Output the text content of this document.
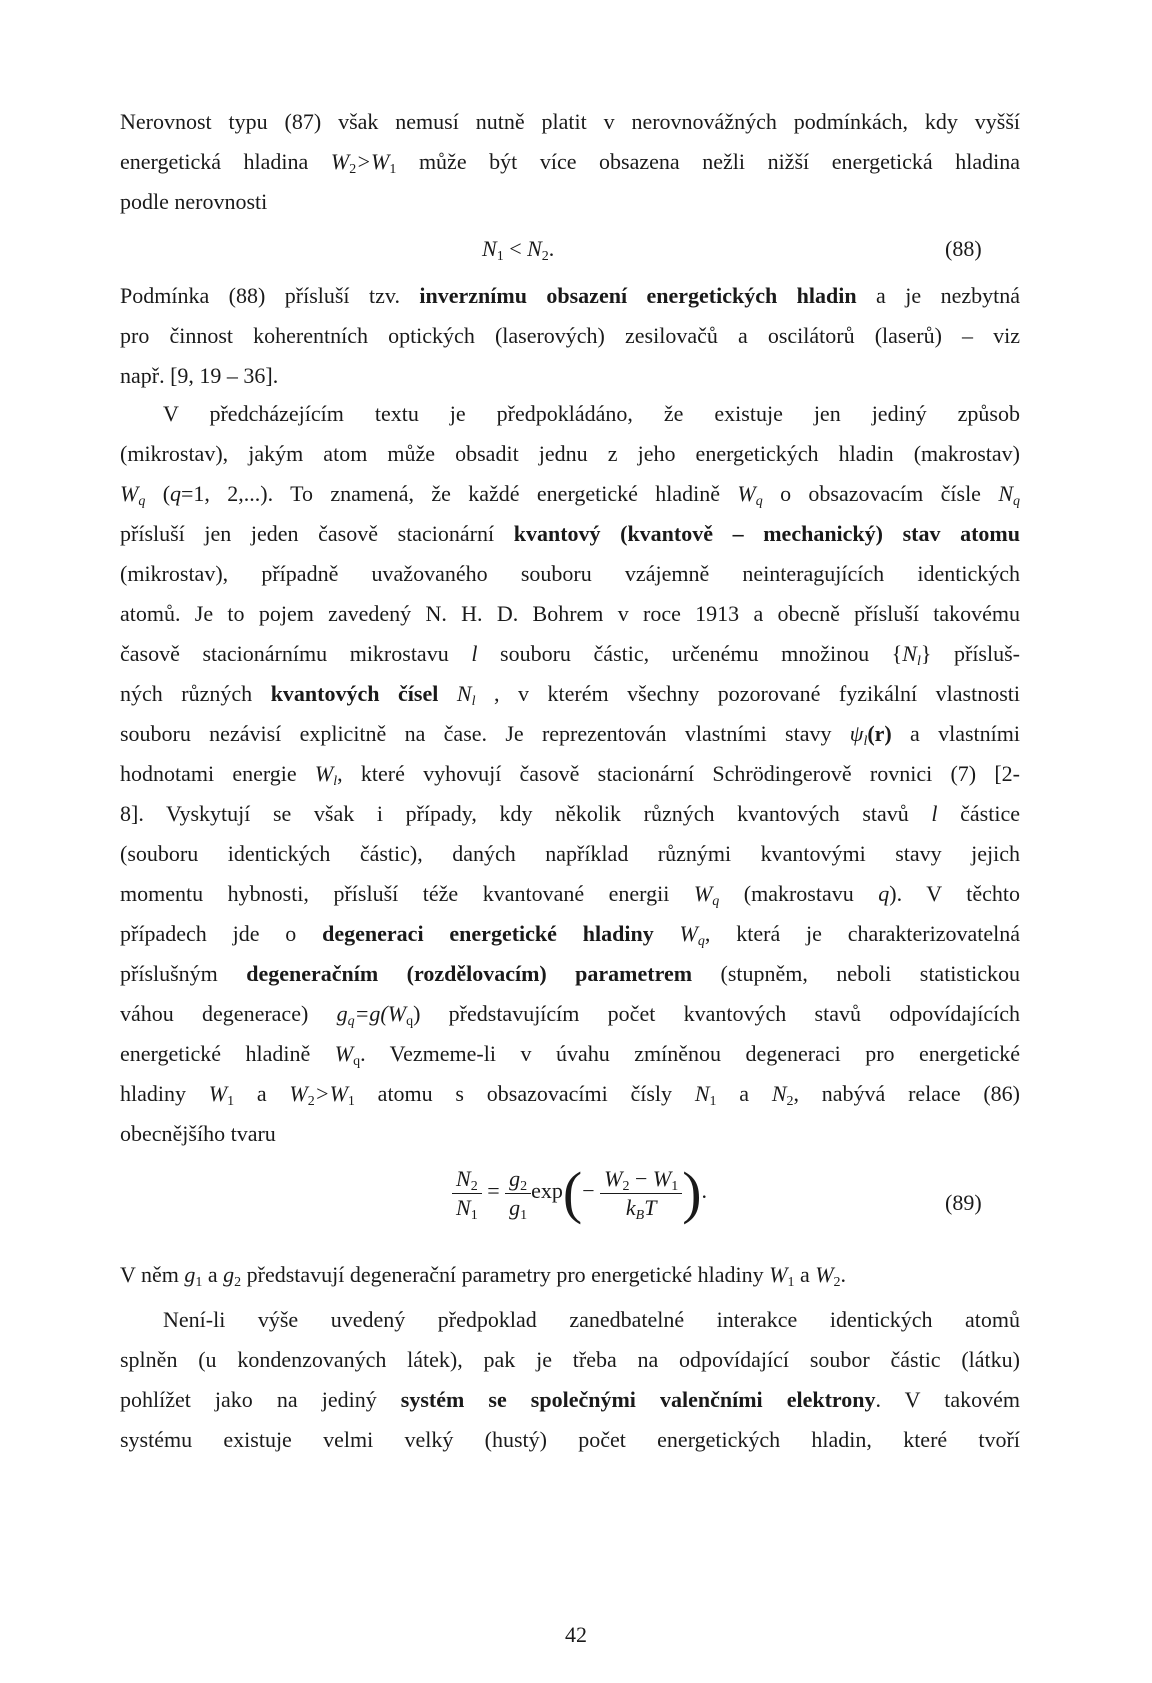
Nerovnost typu (87) však nemusí nutně platit v nerovnovážných podmínkách, kdy vyšší
energetická hladina $W_2>W_1$ může být více obsazena nežli nižší energetická hladina
podle nerovnosti
$N_1 < N_2$.	(88)
Podmínka (88) přísluší tzv. inverznímu obsazení energetických hladin a je nezbytná
pro činnost koherentních optických (laserových) zesilovačů a oscilátorů (laserů) – viz
např. [9, 19 – 36].
V předcházejícím textu je předpokládáno, že existuje jen jediný způsob
(mikrostav), jakým atom může obsadit jednu z jeho energetických hladin (makrostav)
$W_q$ (q=1, 2,...). To znamená, že každé energetické hladině $W_q$ o obsazovacím čísle $N_q$
přísluší jen jeden časově stacionární kvantový (kvantově – mechanický) stav atomu
(mikrostav), případně uvažovaného souboru vzájemně neinteragujících identických
atomů. Je to pojem zavedený N. H. D. Bohrem v roce 1913 a obecně přísluší takovému
časově stacionárnímu mikrostavu l souboru částic, určenému množinou $\{N_l\}$ přísluš-
ných různých kvantových čísel $N_l$ , v kterém všechny pozorované fyzikální vlastnosti
souboru nezávisí explicitně na čase. Je reprezentován vlastními stavy $\psi_l(r)$ a vlastními
hodnotami energie $W_l$, které vyhovují časově stacionární Schrödingerově rovnici (7) [2-
8]. Vyskytují se však i případy, kdy několik různých kvantových stavů l částice
(souboru identických částic), daných například různými kvantovými stavy jejich
momentu hybnosti, přísluší téže kvantované energii $W_q$ (makrostavu q). V těchto
případech jde o degeneraci energetické hladiny $W_q$, která je charakterizovatelná
příslušným degeneračním (rozdělovacím) parametrem (stupněm, neboli statistickou
váhou degenerace) $g_q=g(W_q)$ představujícím počet kvantových stavů odpovídajících
energetické hladině $W_q$. Vezmeme-li v úvahu zmíněnou degeneraci pro energetické
hladiny $W_1$ a $W_2>W_1$ atomu s obsazovacími čísly $N_1$ a $N_2$, nabývá relace (86)
obecnějšího tvaru
$\frac{N_2}{N_1} = \frac{g_2}{g_1} \exp(- \frac{W_2 - W_1}{k_BT}$ ).	(89)
V něm $g_1$ a $g_2$ představují degenerační parametry pro energetické hladiny $W_1$ a $W_2$.
Není-li výše uvedený předpoklad zanedbatelné interakce identických atomů
splněn (u kondenzovaných látek), pak je třeba na odpovídající soubor částic (látku)
pohlížet jako na jediný systém se společnými valenčními elektrony. V takovém
systému existuje velmi velký (hustý) počet energetických hladin, které tvoří
42
